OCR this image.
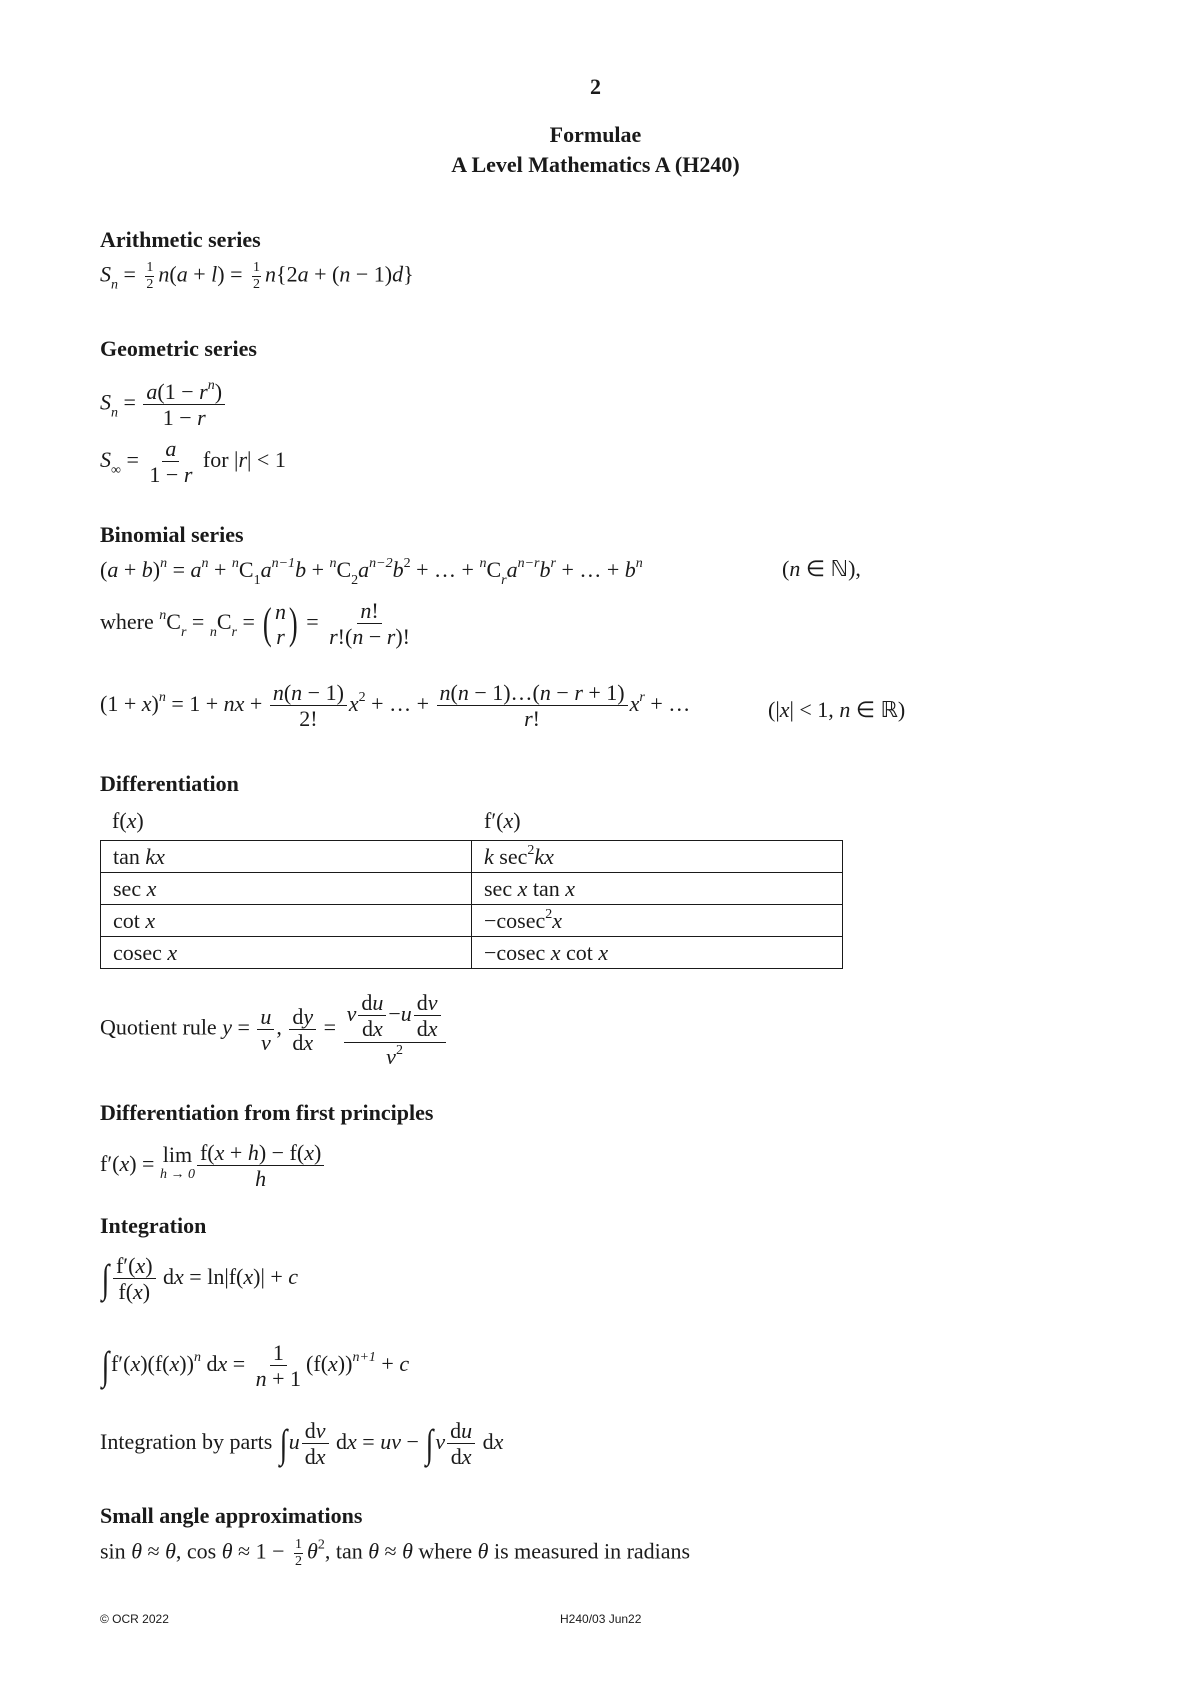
2
Formulae
A Level Mathematics A (H240)
Arithmetic series
$S_n = \frac{1}{2} n(a + l) = \frac{1}{2} n\{2a + (n - 1)d\}$
Geometric series
$S_n = \frac{a(1 - r^n)}{1 - r}$
$S_\infty = \frac{a}{1 - r}$ for |r| < 1
Binomial series
$(a + b)^n = a^n + ^nC_1a^{n-1}b + ^nC_2a^{n-2}b^2$ + … + $^nC_ra^{n-r}b^r$ + … + $b^n$	(n ∈ ℕ),
where $^nC_r = _nC_r$ = ( n
r ) = $\frac{n!}{r!(n - r)!}$
$(1 + x)^n = 1$ + nx + $\frac{n(n - 1)}{2!} x^2$ + … + $\frac{n(n - 1)\dots(n - r + 1)}{r!} x^r$ + …	(|x| < 1, n ∈ ℝ)
Differentiation
f(x)	f′(x)
tan kx	k $\sec^2kx$
sec x	sec x tan x
cot x	−cosec$^2$x
cosec x	−cosec x cot x
Quotient rule $y = \frac{u}{v}$ , $\frac{dy}{dx} = \frac{v \frac{du}{dx} -u \frac{dv}{dx}}{v^2}$
Differentiation from first principles
f′(x) = lim
$h \to 0 \frac{f(x + h) - f(x)}{h}$
Integration
∫ $\frac{f'(x)}{f(x)}$ dx = ln|f(x)| + c
$\int f'(x)(f(x))^n$ dx = $\frac{1}{n + 1} (f(x))^{n+1} + c$
Integration by parts $\int u \frac{dv}{dx}$ dx = uv − $\int v \frac{du}{dx}$ dx
Small angle approximations
sin θ ≈ θ, $\cos \theta \approx 1 - \frac{1}{2} \theta^2$, tan θ ≈ θ where θ is measured in radians
© OCR 2022	H240/03 Jun22
